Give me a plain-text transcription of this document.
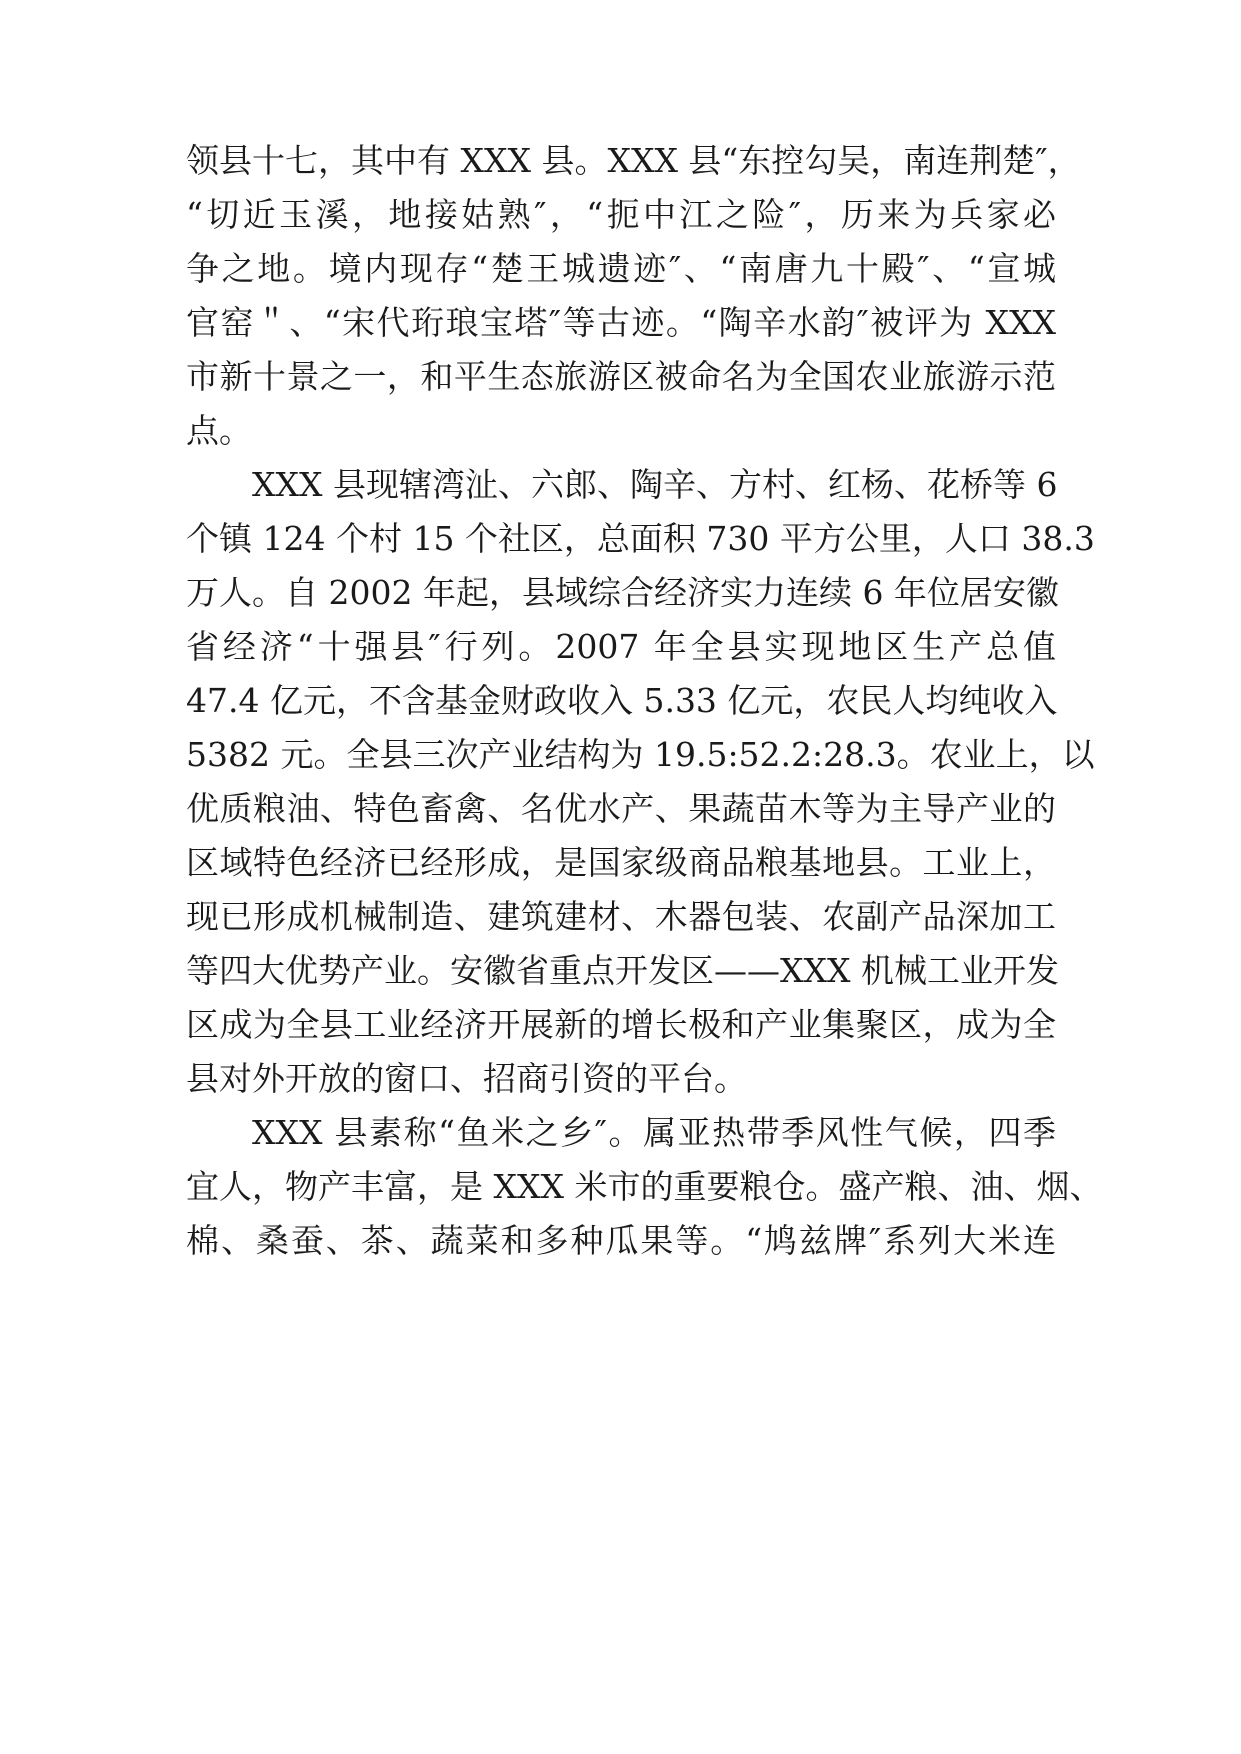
领县十七，其中有 XXX 县。XXX 县“东控勾吴，南连荆楚″，
“切近玉溪，地接姑熟″，“扼中江之险″，历来为兵家必
争之地。境内现存“楚王城遗迹″、“南唐九十殿″、“宣城
官窑＂、“宋代珩琅宝塔″等古迹。“陶辛水韵″被评为 XXX
市新十景之一，和平生态旅游区被命名为全国农业旅游示范
点。
XXX 县现辖湾沚、六郎、陶辛、方村、红杨、花桥等 6
个镇 124 个村 15 个社区，总面积 730 平方公里，人口 38.3
万人。自 2002 年起，县域综合经济实力连续 6 年位居安徽
省经济“十强县″行列。2007 年全县实现地区生产总值
47.4 亿元，不含基金财政收入 5.33 亿元，农民人均纯收入
5382 元。全县三次产业结构为 19.5:52.2:28.3。农业上，以
优质粮油、特色畜禽、名优水产、果蔬苗木等为主导产业的
区域特色经济已经形成，是国家级商品粮基地县。工业上，
现已形成机械制造、建筑建材、木器包装、农副产品深加工
等四大优势产业。安徽省重点开发区——XXX 机械工业开发
区成为全县工业经济开展新的增长极和产业集聚区，成为全
县对外开放的窗口、招商引资的平台。
XXX 县素称“鱼米之乡″。属亚热带季风性气候，四季
宜人，物产丰富，是 XXX 米市的重要粮仓。盛产粮、油、烟、
棉、桑蚕、茶、蔬菜和多种瓜果等。“鸠兹牌″系列大米连
